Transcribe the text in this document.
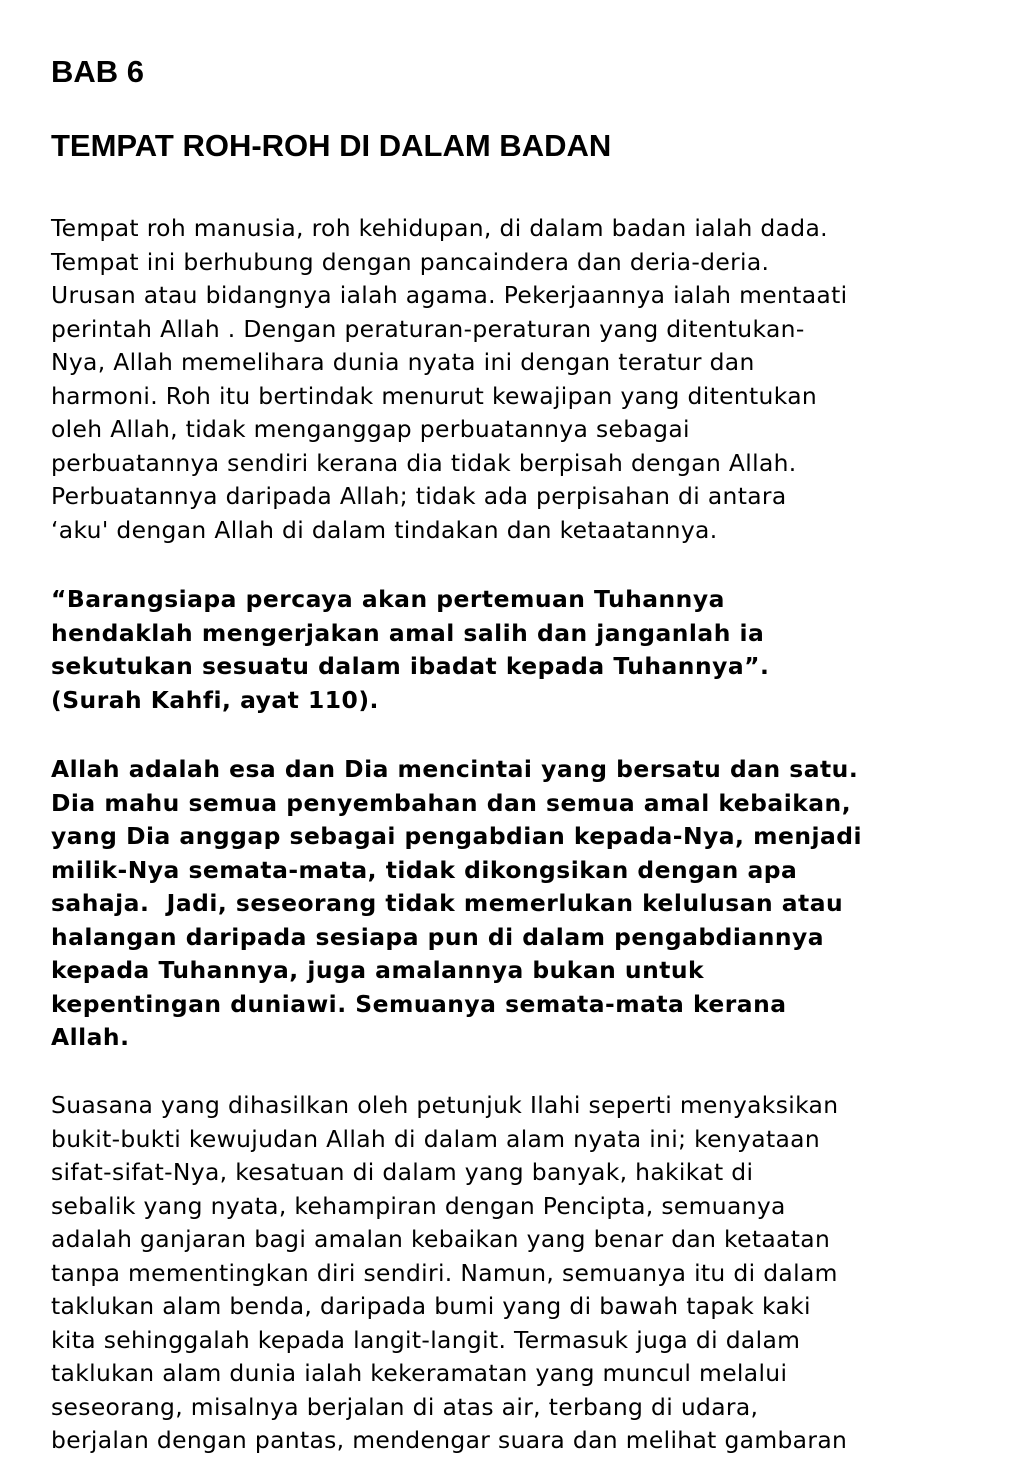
BAB 6
TEMPAT ROH-ROH DI DALAM BADAN

Tempat roh manusia, roh kehidupan, di dalam badan ialah dada.
Tempat ini berhubung dengan pancaindera dan deria-deria.
Urusan atau bidangnya ialah agama. Pekerjaannya ialah mentaati
perintah Allah . Dengan peraturan-peraturan yang ditentukan-
Nya, Allah memelihara dunia nyata ini dengan teratur dan
harmoni. Roh itu bertindak menurut kewajipan yang ditentukan
oleh Allah, tidak menganggap perbuatannya sebagai
perbuatannya sendiri kerana dia tidak berpisah dengan Allah.
Perbuatannya daripada Allah; tidak ada perpisahan di antara
‘aku' dengan Allah di dalam tindakan dan ketaatannya.

“Barangsiapa percaya akan pertemuan Tuhannya
hendaklah mengerjakan amal salih dan janganlah ia
sekutukan sesuatu dalam ibadat kepada Tuhannya”.
(Surah Kahfi, ayat 110).

Allah adalah esa dan Dia mencintai yang bersatu dan satu.
Dia mahu semua penyembahan dan semua amal kebaikan,
yang Dia anggap sebagai pengabdian kepada-Nya, menjadi
milik-Nya semata-mata, tidak dikongsikan dengan apa
sahaja.  Jadi, seseorang tidak memerlukan kelulusan atau
halangan daripada sesiapa pun di dalam pengabdiannya
kepada Tuhannya, juga amalannya bukan untuk
kepentingan duniawi. Semuanya semata-mata kerana
Allah.

Suasana yang dihasilkan oleh petunjuk Ilahi seperti menyaksikan
bukit-bukti kewujudan Allah di dalam alam nyata ini; kenyataan
sifat-sifat-Nya, kesatuan di dalam yang banyak, hakikat di
sebalik yang nyata, kehampiran dengan Pencipta, semuanya
adalah ganjaran bagi amalan kebaikan yang benar dan ketaatan
tanpa mementingkan diri sendiri. Namun, semuanya itu di dalam
taklukan alam benda, daripada bumi yang di bawah tapak kaki
kita sehinggalah kepada langit-langit. Termasuk juga di dalam
taklukan alam dunia ialah kekeramatan yang muncul melalui
seseorang, misalnya berjalan di atas air, terbang di udara,
berjalan dengan pantas, mendengar suara dan melihat gambaran
